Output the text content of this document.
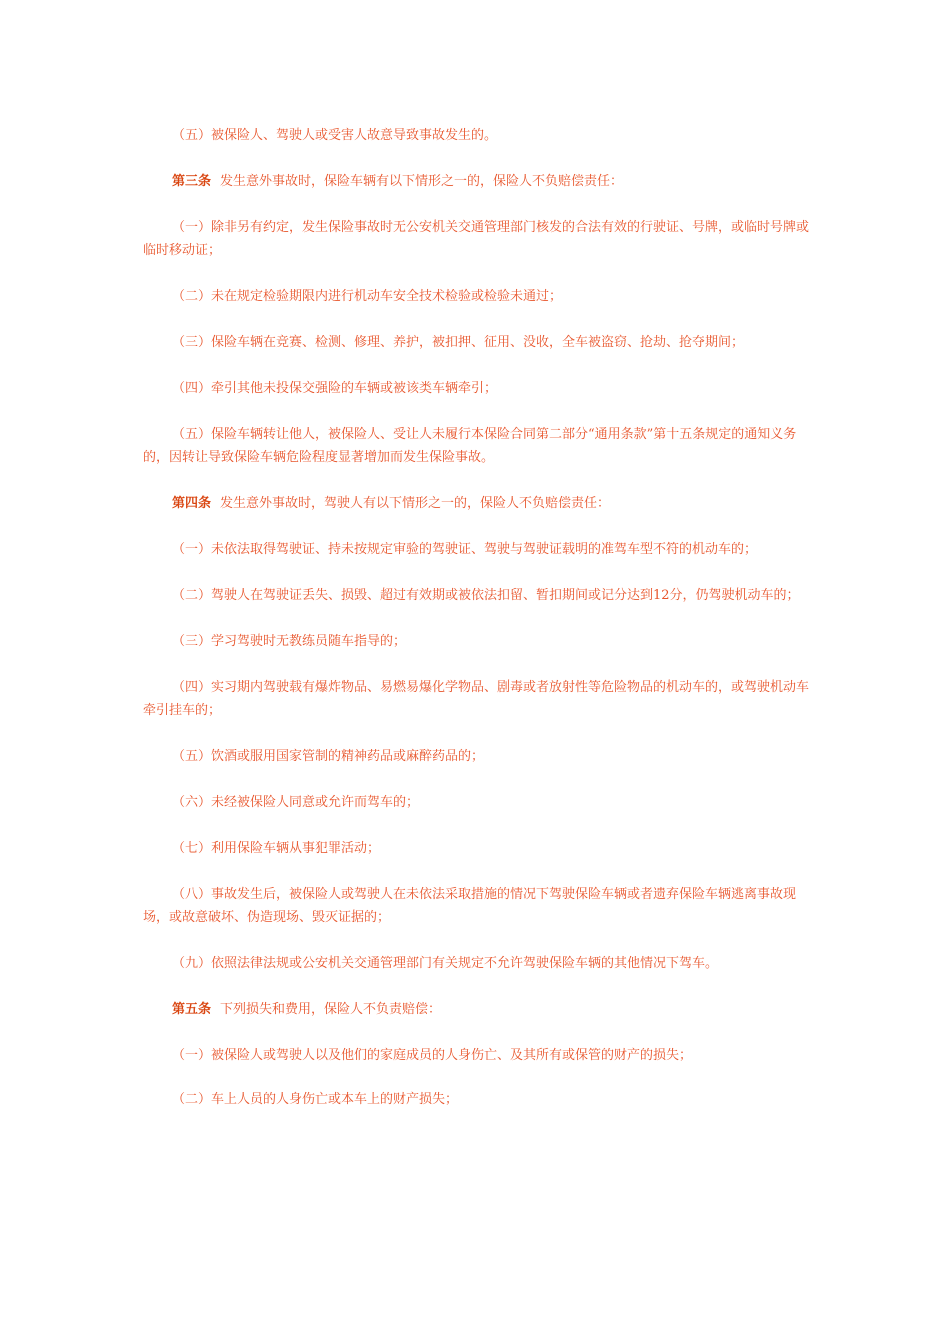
（五）被保险人、驾驶人或受害人故意导致事故发生的。

第三条 发生意外事故时，保险车辆有以下情形之一的，保险人不负赔偿责任：

（一）除非另有约定，发生保险事故时无公安机关交通管理部门核发的合法有效的行驶证、号牌，或临时号牌或临时移动证；

（二）未在规定检验期限内进行机动车安全技术检验或检验未通过；

（三）保险车辆在竞赛、检测、修理、养护，被扣押、征用、没收，全车被盗窃、抢劫、抢夺期间；

（四）牵引其他未投保交强险的车辆或被该类车辆牵引；

（五）保险车辆转让他人，被保险人、受让人未履行本保险合同第二部分“通用条款”第十五条规定的通知义务的，因转让导致保险车辆危险程度显著增加而发生保险事故。

第四条 发生意外事故时，驾驶人有以下情形之一的，保险人不负赔偿责任：

（一）未依法取得驾驶证、持未按规定审验的驾驶证、驾驶与驾驶证载明的准驾车型不符的机动车的；

（二）驾驶人在驾驶证丢失、损毁、超过有效期或被依法扣留、暂扣期间或记分达到12分，仍驾驶机动车的；

（三）学习驾驶时无教练员随车指导的；

（四）实习期内驾驶载有爆炸物品、易燃易爆化学物品、剧毒或者放射性等危险物品的机动车的，或驾驶机动车牵引挂车的；

（五）饮酒或服用国家管制的精神药品或麻醉药品的；

（六）未经被保险人同意或允许而驾车的；

（七）利用保险车辆从事犯罪活动；

（八）事故发生后，被保险人或驾驶人在未依法采取措施的情况下驾驶保险车辆或者遗弃保险车辆逃离事故现场，或故意破坏、伪造现场、毁灭证据的；

（九）依照法律法规或公安机关交通管理部门有关规定不允许驾驶保险车辆的其他情况下驾车。

第五条 下列损失和费用，保险人不负责赔偿：

（一）被保险人或驾驶人以及他们的家庭成员的人身伤亡、及其所有或保管的财产的损失；

（二）车上人员的人身伤亡或本车上的财产损失；
